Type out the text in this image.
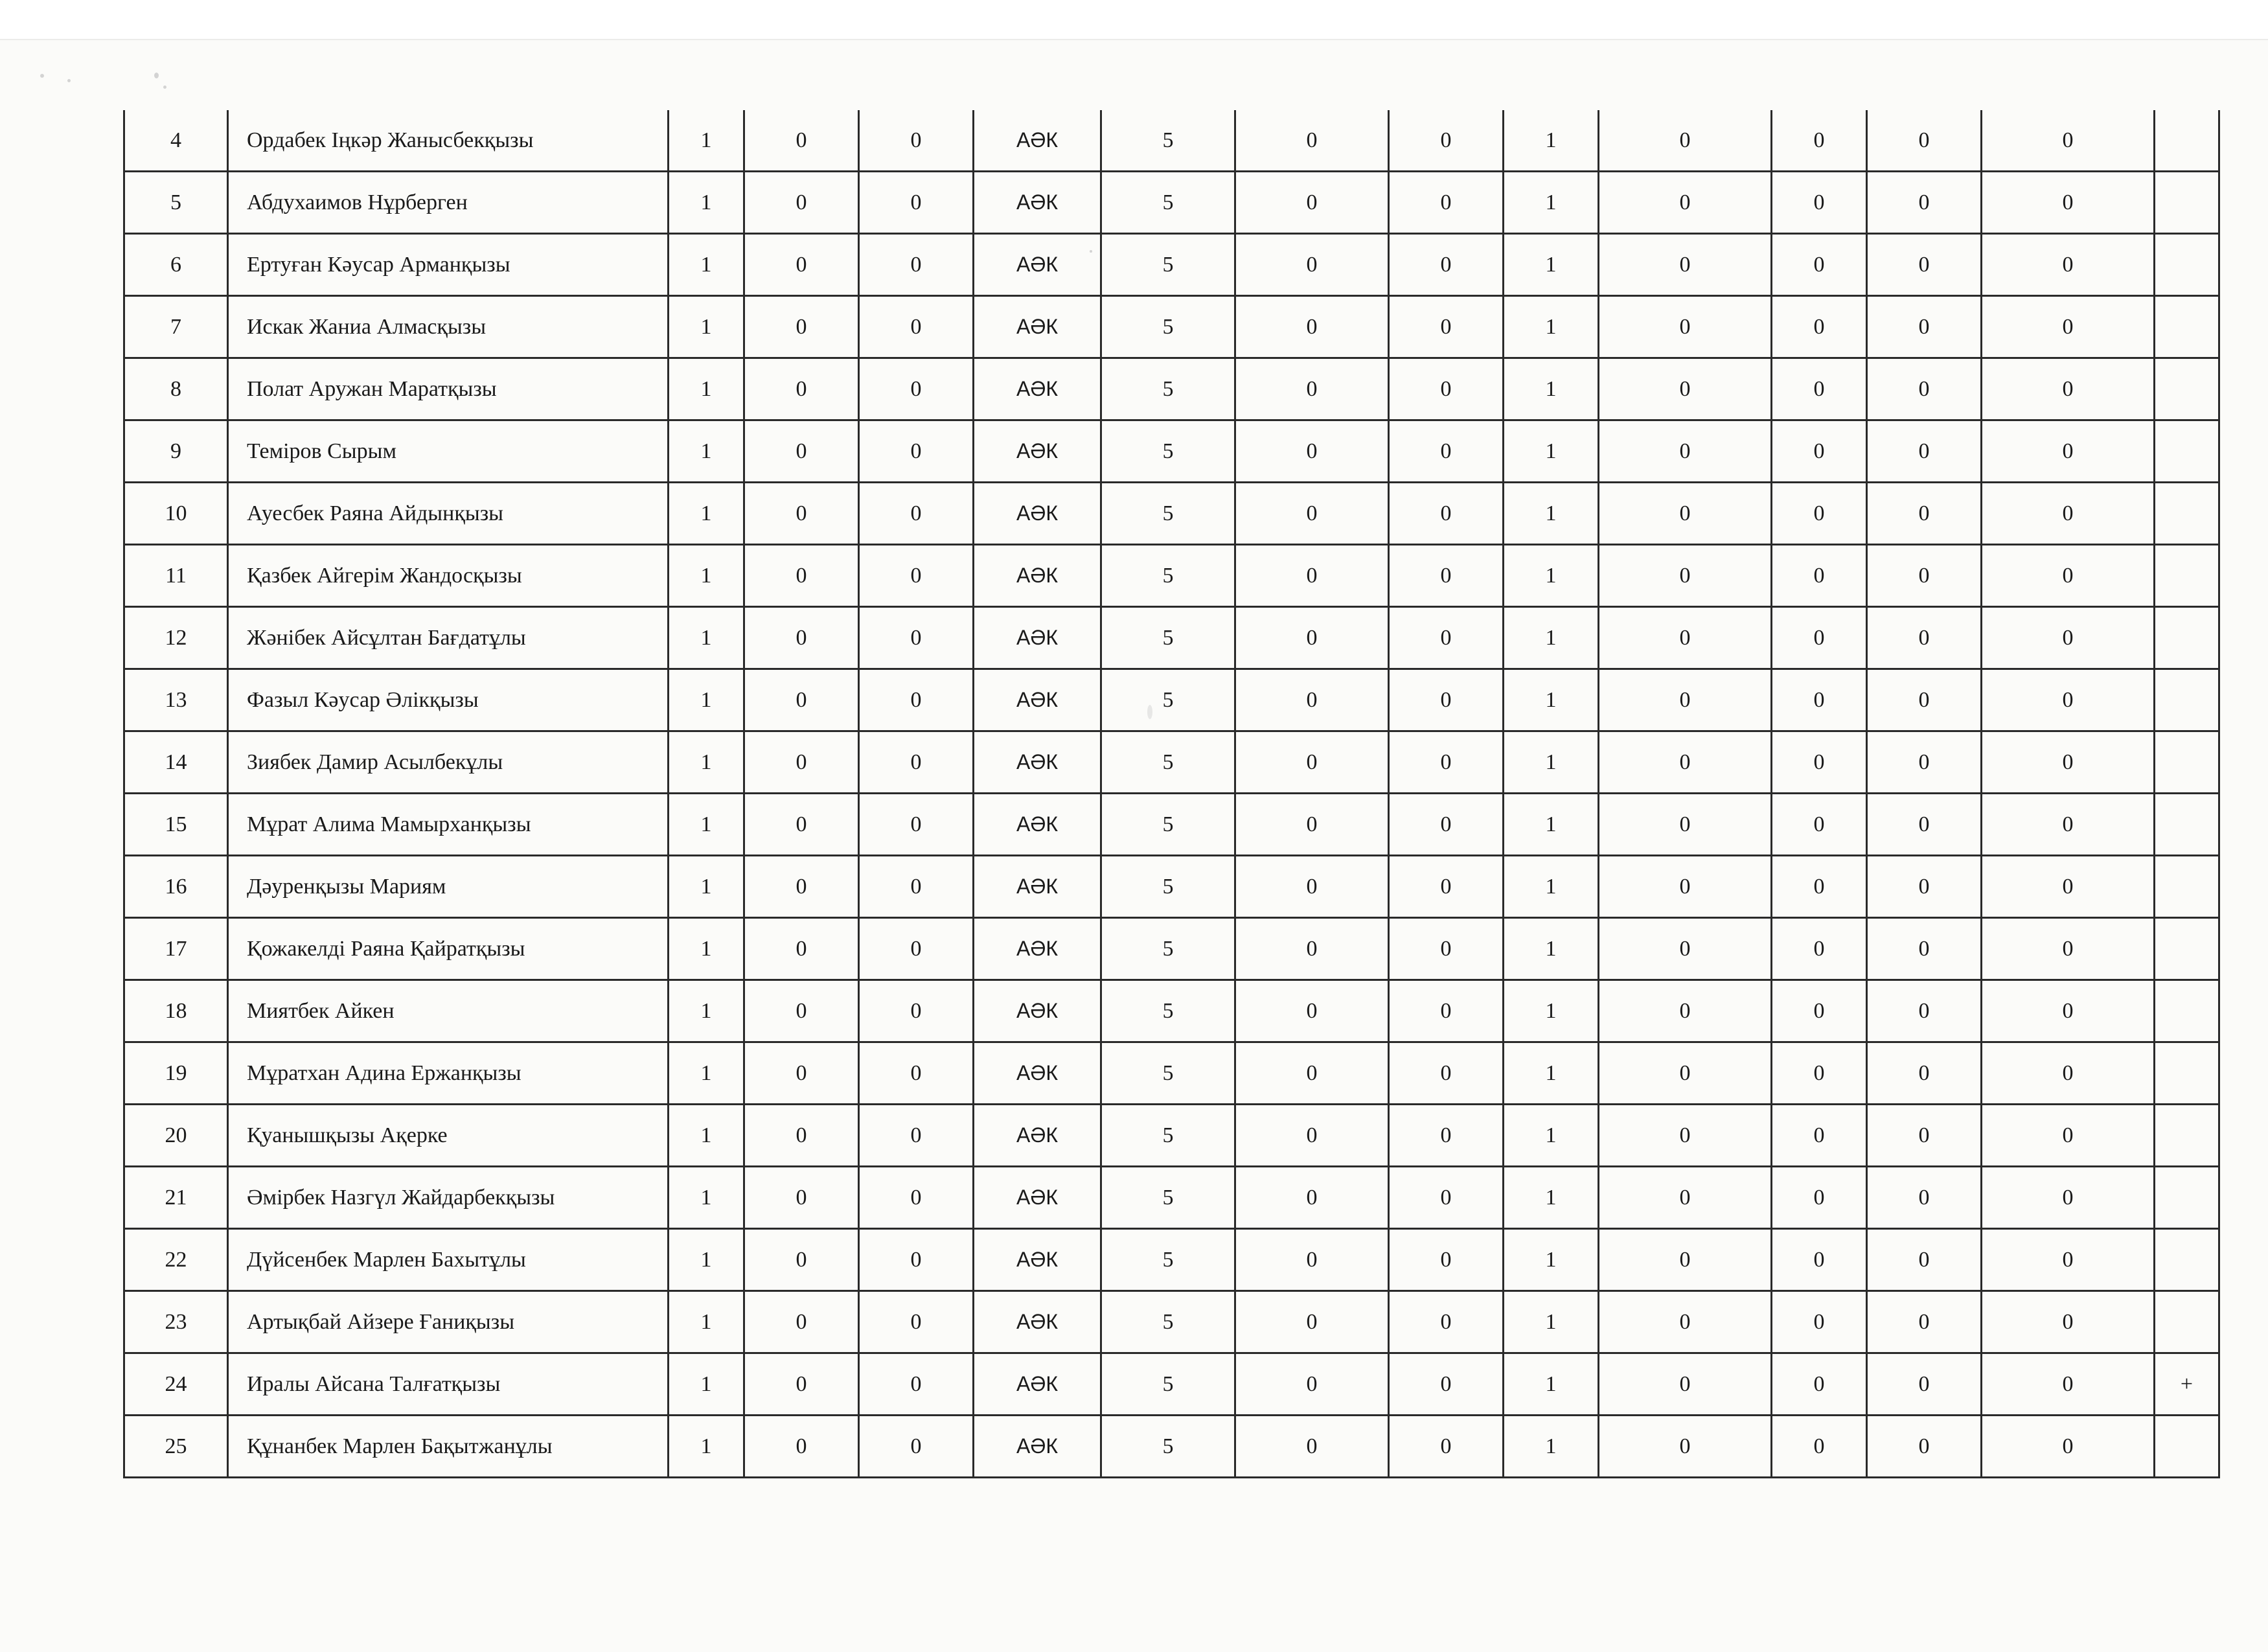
4	Ордабек Іңкәр Жанысбекқызы	1	0	0	АӘК	5	0	0	1	0	0	0	0	
5	Абдухаимов Нұрберген	1	0	0	АӘК	5	0	0	1	0	0	0	0	
6	Ертуған Кәусар Арманқызы	1	0	0	АӘК	5	0	0	1	0	0	0	0	
7	Искак Жаниа Алмасқызы	1	0	0	АӘК	5	0	0	1	0	0	0	0	
8	Полат Аружан Маратқызы	1	0	0	АӘК	5	0	0	1	0	0	0	0	
9	Теміров Сырым	1	0	0	АӘК	5	0	0	1	0	0	0	0	
10	Ауесбек Раяна Айдынқызы	1	0	0	АӘК	5	0	0	1	0	0	0	0	
11	Қазбек Айгерім Жандосқызы	1	0	0	АӘК	5	0	0	1	0	0	0	0	
12	Жәнібек Айсұлтан Бағдатұлы	1	0	0	АӘК	5	0	0	1	0	0	0	0	
13	Фазыл Кәусар Әлікқызы	1	0	0	АӘК	5	0	0	1	0	0	0	0	
14	Зиябек Дамир Асылбекұлы	1	0	0	АӘК	5	0	0	1	0	0	0	0	
15	Мұрат Алима Мамырханқызы	1	0	0	АӘК	5	0	0	1	0	0	0	0	
16	Дәуренқызы Мариям	1	0	0	АӘК	5	0	0	1	0	0	0	0	
17	Қожакелді Раяна Қайратқызы	1	0	0	АӘК	5	0	0	1	0	0	0	0	
18	Миятбек Айкен	1	0	0	АӘК	5	0	0	1	0	0	0	0	
19	Мұратхан Адина Ержанқызы	1	0	0	АӘК	5	0	0	1	0	0	0	0	
20	Қуанышқызы Ақерке	1	0	0	АӘК	5	0	0	1	0	0	0	0	
21	Әмірбек Назгүл Жайдарбекқызы	1	0	0	АӘК	5	0	0	1	0	0	0	0	
22	Дүйсенбек Марлен Бахытұлы	1	0	0	АӘК	5	0	0	1	0	0	0	0	
23	Артықбай Айзере Ғаниқызы	1	0	0	АӘК	5	0	0	1	0	0	0	0	
24	Иралы Айсана Талғатқызы	1	0	0	АӘК	5	0	0	1	0	0	0	0	+
25	Құнанбек Марлен Бақытжанұлы	1	0	0	АӘК	5	0	0	1	0	0	0	0	
